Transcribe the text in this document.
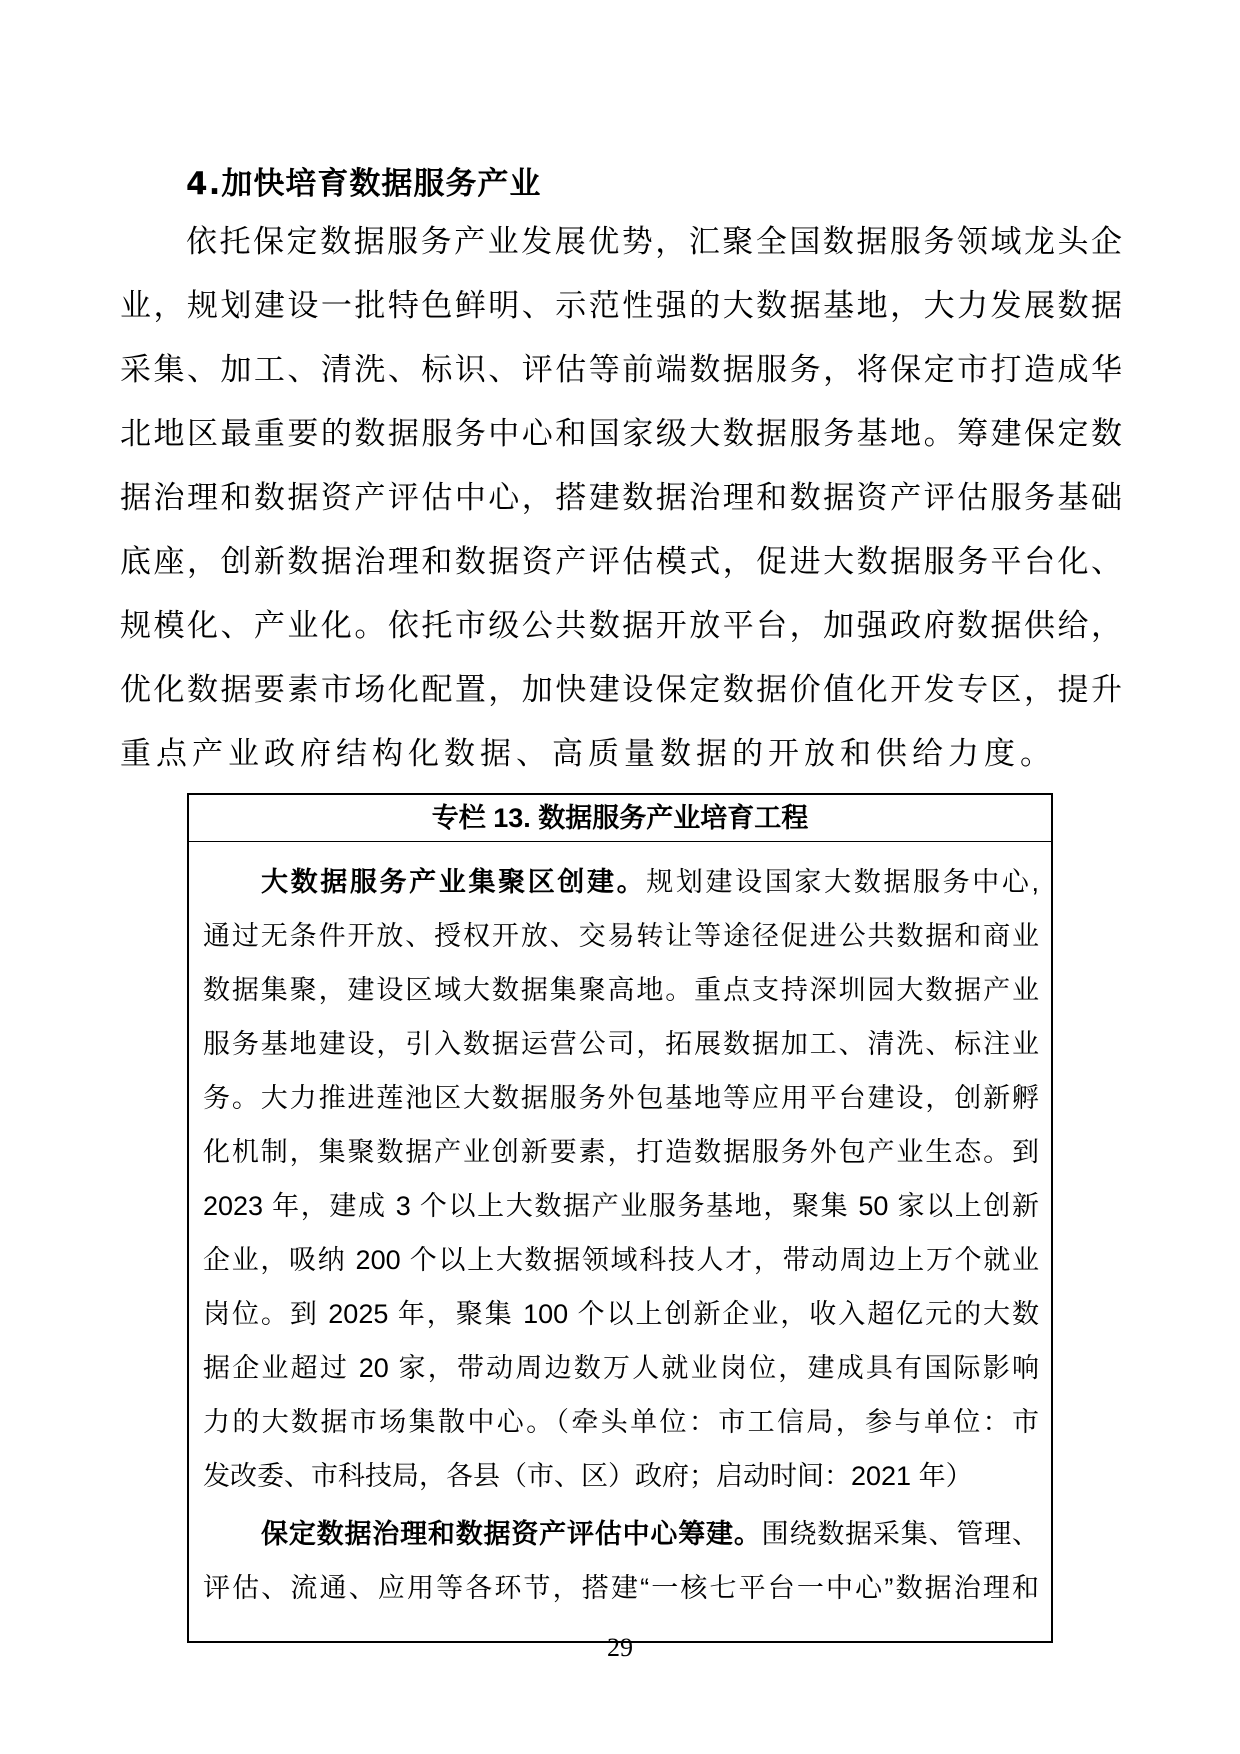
4.加快培育数据服务产业

依托保定数据服务产业发展优势，汇聚全国数据服务领域龙头企

业，规划建设一批特色鲜明、示范性强的大数据基地，大力发展数据

采集、加工、清洗、标识、评估等前端数据服务，将保定市打造成华

北地区最重要的数据服务中心和国家级大数据服务基地。筹建保定数

据治理和数据资产评估中心，搭建数据治理和数据资产评估服务基础

底座，创新数据治理和数据资产评估模式，促进大数据服务平台化、

规模化、产业化。依托市级公共数据开放平台，加强政府数据供给，

优化数据要素市场化配置，加快建设保定数据价值化开发专区，提升

重点产业政府结构化数据、高质量数据的开放和供给力度。

专栏 13. 数据服务产业培育工程
大数据服务产业集聚区创建。规划建设国家大数据服务中心,
通过无条件开放、授权开放、交易转让等途径促进公共数据和商业
数据集聚，建设区域大数据集聚高地。重点支持深圳园大数据产业
服务基地建设，引入数据运营公司，拓展数据加工、清洗、标注业
务。大力推进莲池区大数据服务外包基地等应用平台建设，创新孵
化机制，集聚数据产业创新要素，打造数据服务外包产业生态。到
2023 年，建成 3 个以上大数据产业服务基地，聚集 50 家以上创新
企业，吸纳 200 个以上大数据领域科技人才，带动周边上万个就业
岗位。到 2025 年，聚集 100 个以上创新企业，收入超亿元的大数
据企业超过 20 家，带动周边数万人就业岗位，建成具有国际影响
力的大数据市场集散中心。（牵头单位：市工信局，参与单位：市
发改委、市科技局，各县（市、区）政府；启动时间：2021 年）
保定数据治理和数据资产评估中心筹建。围绕数据采集、管理、
评估、流通、应用等各环节，搭建“一核七平台一中心”数据治理和
29
